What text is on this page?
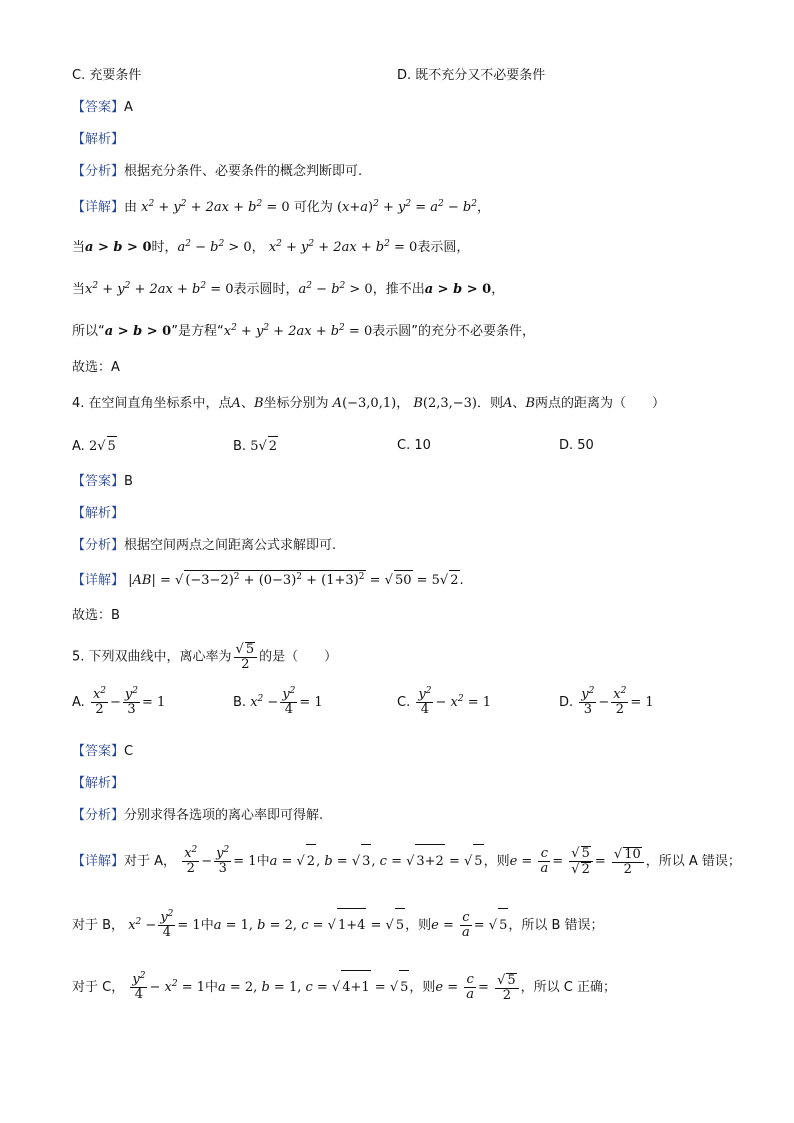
C. 充要条件	D. 既不充分又不必要条件
【答案】A
【解析】
【分析】根据充分条件、必要条件的概念判断即可.
【详解】由 $x^2 + y^2 + 2ax + b^2 = 0$ 可化为 $(x+a)^2 + y^2 = a^2 - b^2$，
当a > b > 0时，$a^2 - b^2 > 0$， $x^2 + y^2 + 2ax + b^2 = 0$表示圆，
当$x^2 + y^2 + 2ax + b^2 = 0$表示圆时，$a^2 - b^2 > 0$，推不出a > b > 0，
所以“a > b > 0”是方程“$x^2 + y^2 + 2ax + b^2 = 0$表示圆”的充分不必要条件，
故选：A
4. 在空间直角坐标系中，点A、B坐标分别为 A(−3,0,1)， B(2,3,−3)．则A、B两点的距离为（　　）
A. 2√ 5	B. 5√ 2	C. 10	D. 50
【答案】B
【解析】
【分析】根据空间两点之间距离公式求解即可.
【详解】 |AB| = √ $(-3-2)^2 + (0-3)^2 + (1+3)^2$ = √ 50 = 5√ 2.
故选：B
5. 下列双曲线中，离心率为 $\frac{√ 5}{2}$ 的是（　　）
A. $\frac{x^2}{2} - \frac{y^2}{3} = 1$	B. $x^2 - \frac{y^2}{4} = 1$	C. $\frac{y^2}{4} - x^2 = 1$	D. $\frac{y^2}{3} - \frac{x^2}{2} = 1$
【答案】C
【解析】
【分析】分别求得各选项的离心率即可得解.
【详解】对于 A， $\frac{x^2}{2} - \frac{y^2}{3} = 1$中a = √ 2, b = √ 3, c = √ 3+2 = √ 5，则$e = \frac{c}{a} = \frac{√ 5}{√ 2} = \frac{√ 10}{2}$ ，所以 A 错误；
对于 B， $x^2 - \frac{y^2}{4} = 1$中a = 1, b = 2, c = √ 1+4 = √ 5，则$e = \frac{c}{a}$ = √ 5，所以 B 错误；
对于 C， $\frac{y^2}{4} - x^2 = 1$中a = 2, b = 1, c = √ 4+1 = √ 5，则$e = \frac{c}{a} = \frac{√ 5}{2}$ ，所以 C 正确；
